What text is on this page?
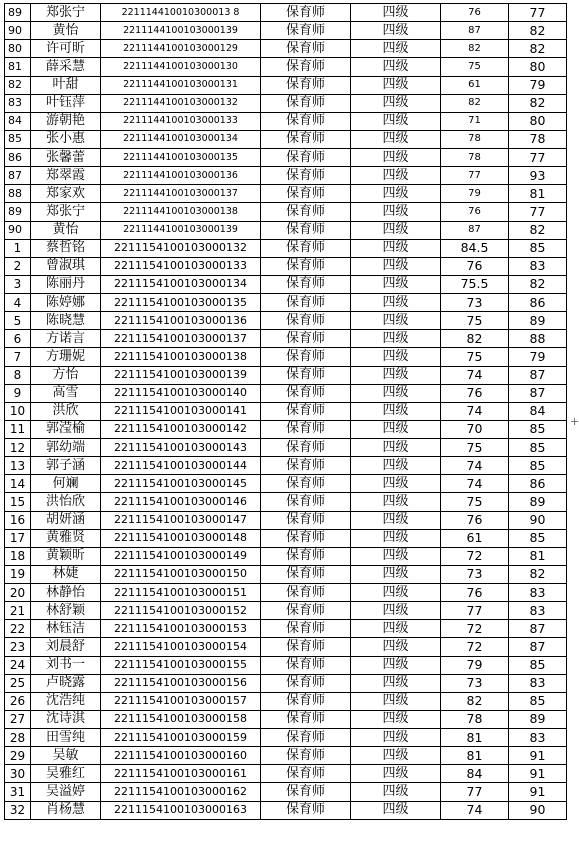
89	郑张宁	221114410010300013 8	保育师	四级	76	77
90	黄怡	2211144100103000139	保育师	四级	87	82
80	许可昕	2211144100103000129	保育师	四级	82	82
81	薛采慧	2211144100103000130	保育师	四级	75	80
82	叶甜	2211144100103000131	保育师	四级	61	79
83	叶钰萍	2211144100103000132	保育师	四级	82	82
84	游朝艳	2211144100103000133	保育师	四级	71	80
85	张小惠	2211144100103000134	保育师	四级	78	78
86	张馨蕾	2211144100103000135	保育师	四级	78	77
87	郑翠霞	2211144100103000136	保育师	四级	77	93
88	郑家欢	2211144100103000137	保育师	四级	79	81
89	郑张宁	2211144100103000138	保育师	四级	76	77
90	黄怡	2211144100103000139	保育师	四级	87	82
1	蔡哲铭	2211154100103000132	保育师	四级	84.5	85
2	曾淑琪	2211154100103000133	保育师	四级	76	83
3	陈丽丹	2211154100103000134	保育师	四级	75.5	82
4	陈婷娜	2211154100103000135	保育师	四级	73	86
5	陈晓慧	2211154100103000136	保育师	四级	75	89
6	方诺言	2211154100103000137	保育师	四级	82	88
7	方珊妮	2211154100103000138	保育师	四级	75	79
8	方怡	2211154100103000139	保育师	四级	74	87
9	高雪	2211154100103000140	保育师	四级	76	87
10	洪欣	2211154100103000141	保育师	四级	74	84
11	郭滢榆	2211154100103000142	保育师	四级	70	85
12	郭幼端	2211154100103000143	保育师	四级	75	85
13	郭子涵	2211154100103000144	保育师	四级	74	85
14	何斓	2211154100103000145	保育师	四级	74	86
15	洪怡欣	2211154100103000146	保育师	四级	75	89
16	胡妍涵	2211154100103000147	保育师	四级	76	90
17	黄雅贤	2211154100103000148	保育师	四级	61	85
18	黄颖昕	2211154100103000149	保育师	四级	72	81
19	林婕	2211154100103000150	保育师	四级	73	82
20	林静怡	2211154100103000151	保育师	四级	76	83
21	林舒颖	2211154100103000152	保育师	四级	77	83
22	林钰洁	2211154100103000153	保育师	四级	72	87
23	刘晨舒	2211154100103000154	保育师	四级	72	87
24	刘书一	2211154100103000155	保育师	四级	79	85
25	卢晓露	2211154100103000156	保育师	四级	73	83
26	沈浩纯	2211154100103000157	保育师	四级	82	85
27	沈诗淇	2211154100103000158	保育师	四级	78	89
28	田雪纯	2211154100103000159	保育师	四级	81	83
29	吴敏	2211154100103000160	保育师	四级	81	91
30	吴雅红	2211154100103000161	保育师	四级	84	91
31	吴溢婷	2211154100103000162	保育师	四级	77	91
32	肖杨慧	2211154100103000163	保育师	四级	74	90
+
